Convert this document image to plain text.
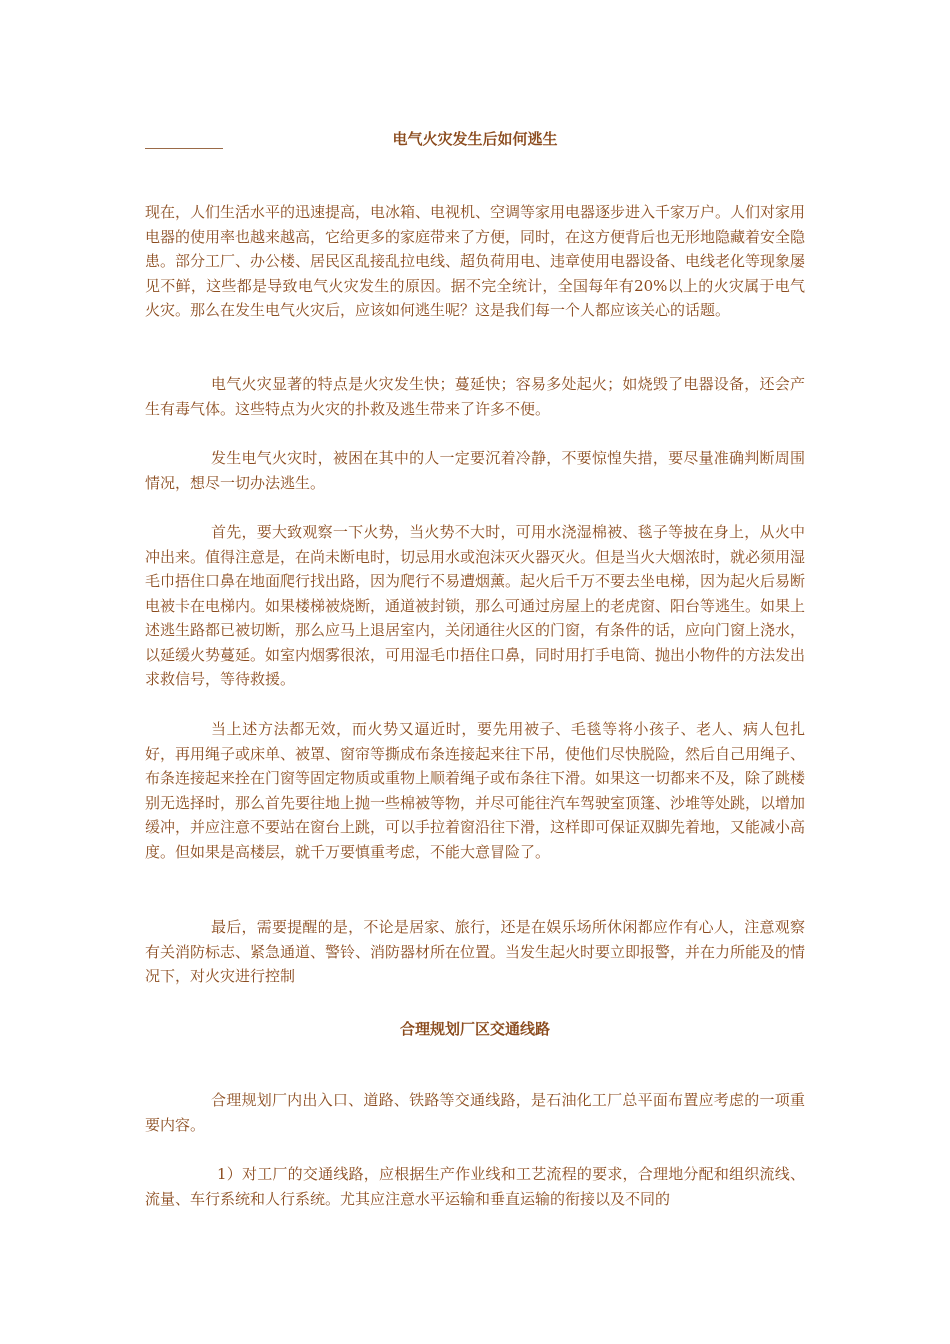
电气火灾发生后如何逃生

现在，人们生活水平的迅速提高，电冰箱、电视机、空调等家用电器逐步进入千家万户。人们对家用电器的使用率也越来越高，它给更多的家庭带来了方便，同时，在这方便背后也无形地隐藏着安全隐患。部分工厂、办公楼、居民区乱接乱拉电线、超负荷用电、违章使用电器设备、电线老化等现象屡见不鲜，这些都是导致电气火灾发生的原因。据不完全统计，全国每年有20%以上的火灾属于电气火灾。那么在发生电气火灾后，应该如何逃生呢？这是我们每一个人都应该关心的话题。

电气火灾显著的特点是火灾发生快；蔓延快；容易多处起火；如烧毁了电器设备，还会产生有毒气体。这些特点为火灾的扑救及逃生带来了许多不便。

发生电气火灾时，被困在其中的人一定要沉着冷静，不要惊惶失措，要尽量准确判断周围情况，想尽一切办法逃生。

首先，要大致观察一下火势，当火势不大时，可用水浇湿棉被、毯子等披在身上，从火中冲出来。值得注意是，在尚未断电时，切忌用水或泡沫灭火器灭火。但是当火大烟浓时，就必须用湿毛巾捂住口鼻在地面爬行找出路，因为爬行不易遭烟薰。起火后千万不要去坐电梯，因为起火后易断电被卡在电梯内。如果楼梯被烧断，通道被封锁，那么可通过房屋上的老虎窗、阳台等逃生。如果上述逃生路都已被切断，那么应马上退居室内，关闭通往火区的门窗，有条件的话，应向门窗上浇水，以延缓火势蔓延。如室内烟雾很浓，可用湿毛巾捂住口鼻，同时用打手电筒、抛出小物件的方法发出求救信号，等待救援。

当上述方法都无效，而火势又逼近时，要先用被子、毛毯等将小孩子、老人、病人包扎好，再用绳子或床单、被罩、窗帘等撕成布条连接起来往下吊，使他们尽快脱险，然后自己用绳子、布条连接起来拴在门窗等固定物质或重物上顺着绳子或布条往下滑。如果这一切都来不及，除了跳楼别无选择时，那么首先要往地上抛一些棉被等物，并尽可能往汽车驾驶室顶篷、沙堆等处跳，以增加缓冲，并应注意不要站在窗台上跳，可以手拉着窗沿往下滑，这样即可保证双脚先着地，又能减小高度。但如果是高楼层，就千万要慎重考虑，不能大意冒险了。

最后，需要提醒的是，不论是居家、旅行，还是在娱乐场所休闲都应作有心人，注意观察有关消防标志、紧急通道、警铃、消防器材所在位置。当发生起火时要立即报警，并在力所能及的情况下，对火灾进行控制

合理规划厂区交通线路

合理规划厂内出入口、道路、铁路等交通线路，是石油化工厂总平面布置应考虑的一项重要内容。

1）对工厂的交通线路，应根据生产作业线和工艺流程的要求，合理地分配和组织流线、流量、车行系统和人行系统。尤其应注意水平运输和垂直运输的衔接以及不同的
